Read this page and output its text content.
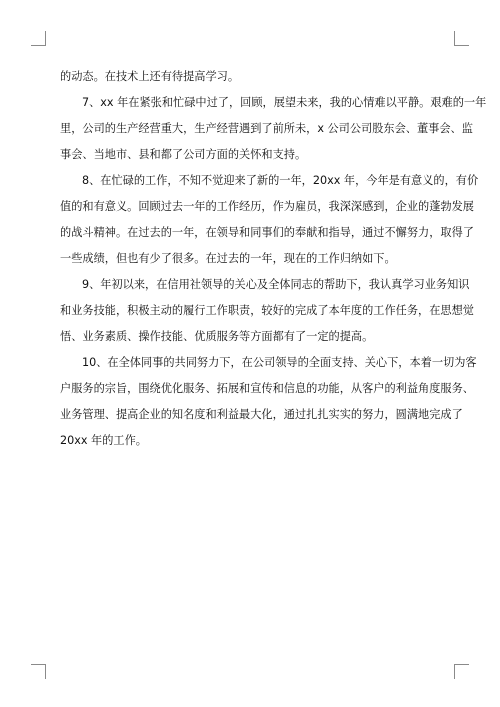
的动态。在技术上还有待提高学习。
7、xx 年在紧张和忙碌中过了，回顾，展望未来，我的心情难以平静。艰难的一年
里，公司的生产经营重大，生产经营遇到了前所未，x 公司公司股东会、董事会、监
事会、当地市、县和都了公司方面的关怀和支持。
8、在忙碌的工作，不知不觉迎来了新的一年，20xx 年，今年是有意义的，有价
值的和有意义。回顾过去一年的工作经历，作为雇员，我深深感到，企业的蓬勃发展
的战斗精神。在过去的一年，在领导和同事们的奉献和指导，通过不懈努力，取得了
一些成绩，但也有少了很多。在过去的一年，现在的工作归纳如下。
9、年初以来，在信用社领导的关心及全体同志的帮助下，我认真学习业务知识
和业务技能，积极主动的履行工作职责，较好的完成了本年度的工作任务，在思想觉
悟、业务素质、操作技能、优质服务等方面都有了一定的提高。
10、在全体同事的共同努力下，在公司领导的全面支持、关心下，本着一切为客
户服务的宗旨，围绕优化服务、拓展和宣传和信息的功能，从客户的利益角度服务、
业务管理、提高企业的知名度和利益最大化，通过扎扎实实的努力，圆满地完成了
20xx 年的工作。
